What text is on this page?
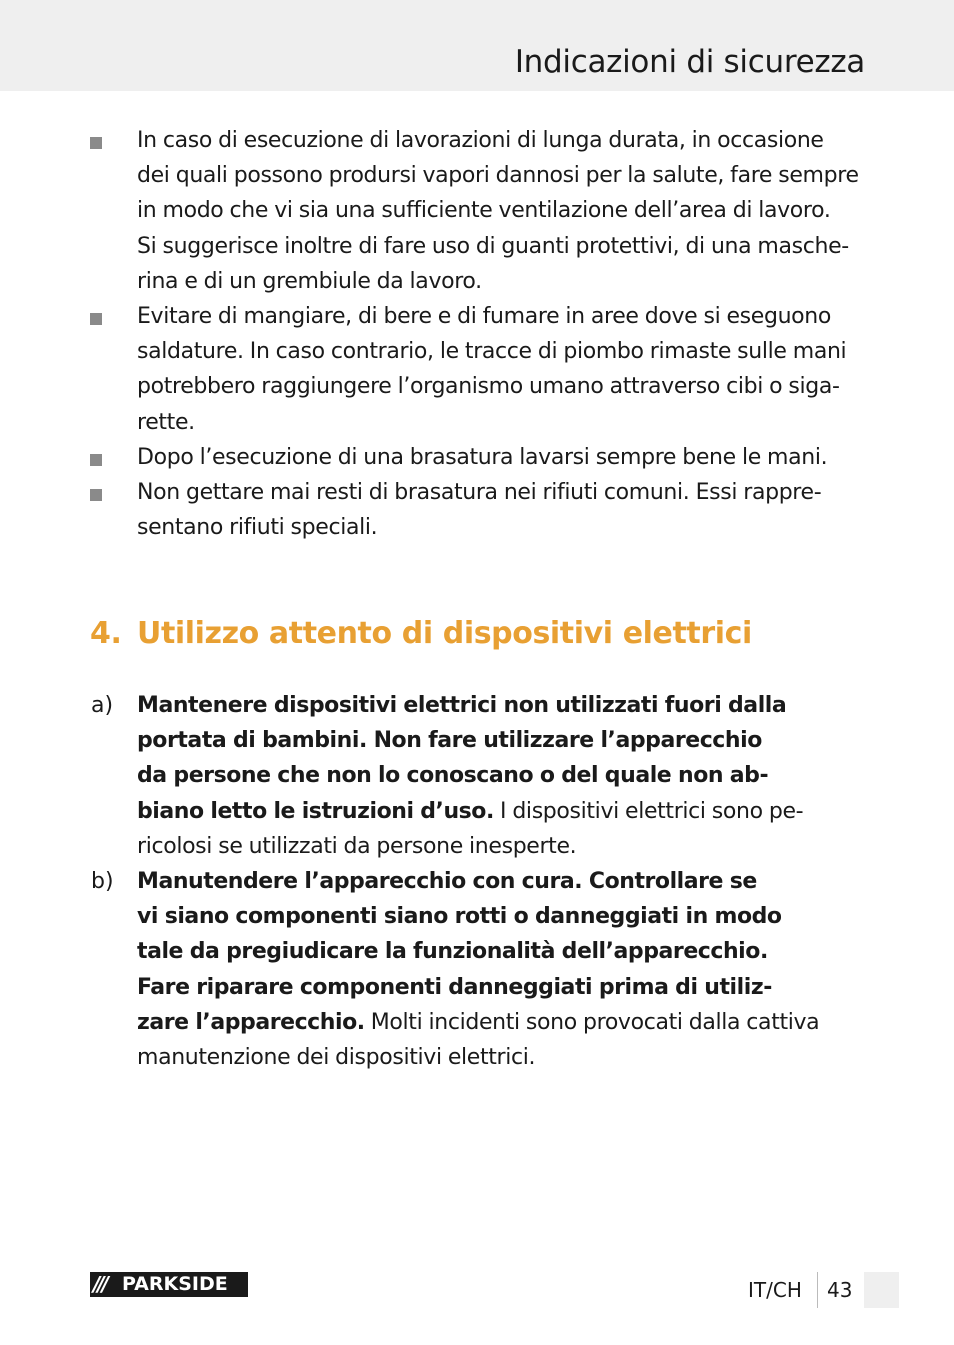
Indicazioni di sicurezza
In caso di esecuzione di lavorazioni di lunga durata, in occasione
dei quali possono prodursi vapori dannosi per la salute, fare sempre
in modo che vi sia una sufficiente ventilazione dell’area di lavoro.
Si suggerisce inoltre di fare uso di guanti protettivi, di una masche-
rina e di un grembiule da lavoro.
Evitare di mangiare, di bere e di fumare in aree dove si eseguono
saldature. In caso contrario, le tracce di piombo rimaste sulle mani
potrebbero raggiungere l’organismo umano attraverso cibi o siga-
rette.
Dopo l’esecuzione di una brasatura lavarsi sempre bene le mani.
Non gettare mai resti di brasatura nei rifiuti comuni. Essi rappre-
sentano rifiuti speciali.
4. Utilizzo attento di dispositivi elettrici
a) Mantenere dispositivi elettrici non utilizzati fuori dalla
portata di bambini. Non fare utilizzare l’apparecchio
da persone che non lo conoscano o del quale non ab-
biano letto le istruzioni d’uso. I dispositivi elettrici sono pe-
ricolosi se utilizzati da persone inesperte.
b) Manutendere l’apparecchio con cura. Controllare se
vi siano componenti siano rotti o danneggiati in modo
tale da pregiudicare la funzionalità dell’apparecchio.
Fare riparare componenti danneggiati prima di utiliz-
zare l’apparecchio. Molti incidenti sono provocati dalla cattiva
manutenzione dei dispositivi elettrici.
/// PARKSIDE	IT/CH 43
